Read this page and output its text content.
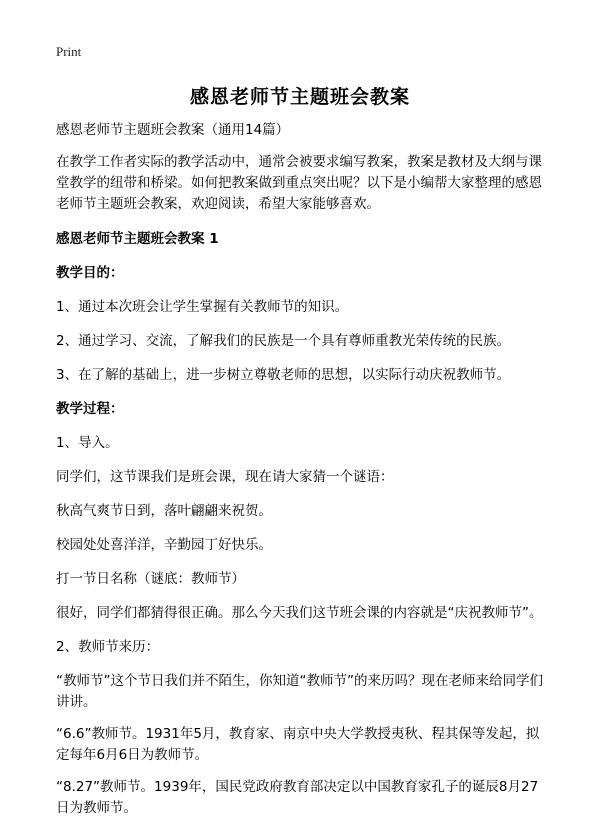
Print
感恩老师节主题班会教案

感恩老师节主题班会教案（通用14篇）

在教学工作者实际的教学活动中，通常会被要求编写教案，教案是教材及大纲与课堂教学的纽带和桥梁。如何把教案做到重点突出呢？以下是小编帮大家整理的感恩老师节主题班会教案，欢迎阅读，希望大家能够喜欢。

感恩老师节主题班会教案 1

教学目的：

1、通过本次班会让学生掌握有关教师节的知识。

2、通过学习、交流，了解我们的民族是一个具有尊师重教光荣传统的民族。

3、在了解的基础上，进一步树立尊敬老师的思想，以实际行动庆祝教师节。

教学过程：

1、导入。

同学们，这节课我们是班会课，现在请大家猜一个谜语：

秋高气爽节日到，落叶翩翩来祝贺。

校园处处喜洋洋，辛勤园丁好快乐。

打一节日名称（谜底：教师节）

很好，同学们都猜得很正确。那么今天我们这节班会课的内容就是“庆祝教师节”。

2、教师节来历：

“教师节”这个节日我们并不陌生，你知道“教师节”的来历吗？现在老师来给同学们讲讲。

“6.6”教师节。1931年5月，教育家、南京中央大学教授夷秋、程其保等发起，拟定每年6月6日为教师节。

“8.27”教师节。1939年，国民党政府教育部决定以中国教育家孔子的诞辰8月27日为教师节。
